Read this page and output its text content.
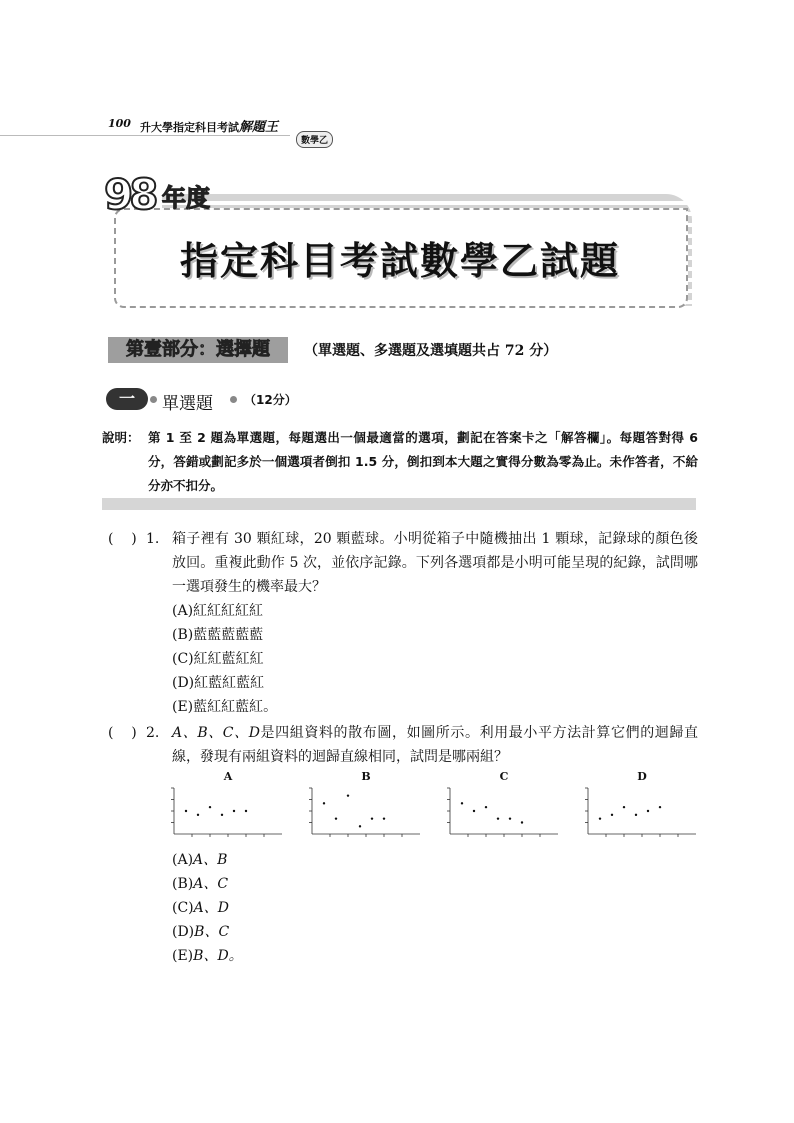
100 升大學指定科目考試解題王
數學乙
98 年度
指定科目考試數學乙試題
第壹部分：選擇題	（單選題、多選題及選填題共占 72 分）
一	單選題	（12分）
說明： 第 1 至 2 題為單選題，每題選出一個最適當的選項，劃記在答案卡之「解答欄」。每題答對得 6 分，答錯或劃記多於一個選項者倒扣 1.5 分，倒扣到本大題之實得分數為零為止。未作答者，不給分亦不扣分。
(    ) 1. 箱子裡有 30 顆紅球，20 顆藍球。小明從箱子中隨機抽出 1 顆球，記錄球的顏色後放回。重複此動作 5 次，並依序記錄。下列各選項都是小明可能呈現的紀錄，試問哪一選項發生的機率最大？
(A)紅紅紅紅紅
(B)藍藍藍藍藍
(C)紅紅藍紅紅
(D)紅藍紅藍紅
(E)藍紅紅藍紅。
(    ) 2. A、B、C、D是四組資料的散布圖，如圖所示。利用最小平方法計算它們的迴歸直線，發現有兩組資料的迴歸直線相同，試問是哪兩組？
A	B	C	D
(A)A、B
(B)A、C
(C)A、D
(D)B、C
(E)B、D。
